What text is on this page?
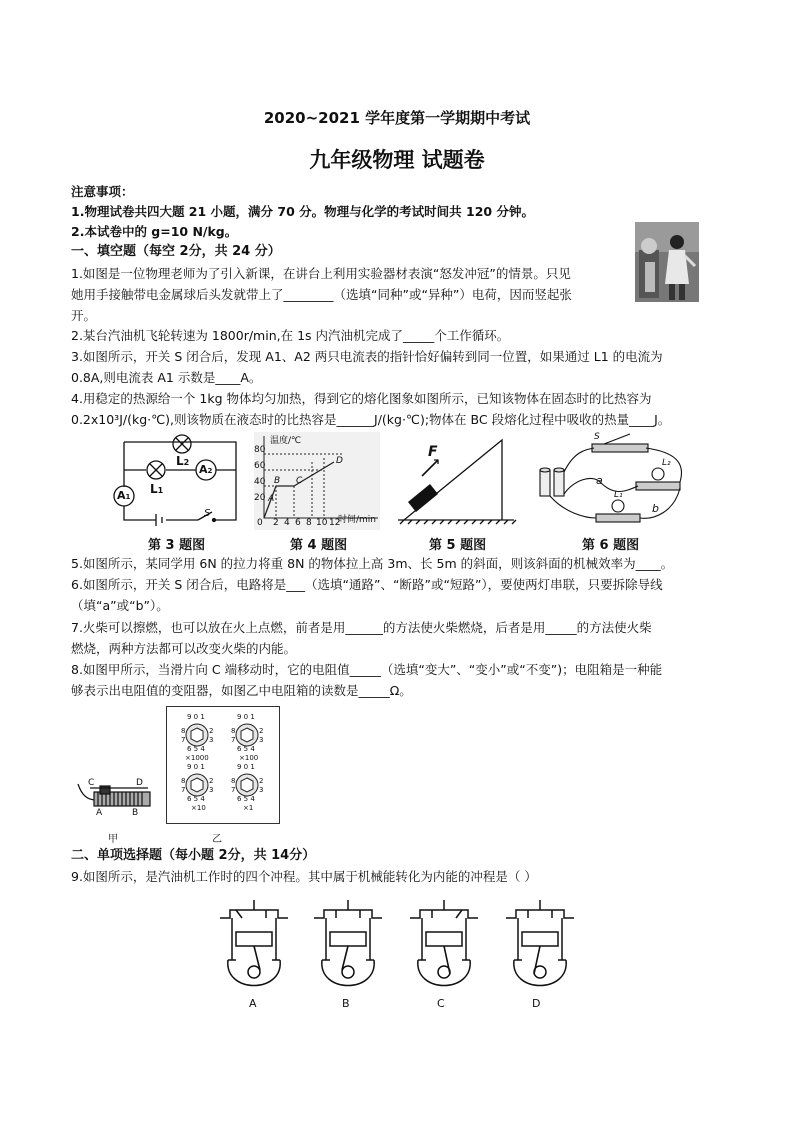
2020~2021 学年度第一学期期中考试
九年级物理 试题卷
注意事项：
1.物理试卷共四大题 21 小题，满分 70 分。物理与化学的考试时间共 120 分钟。
2.本试卷中的 g=10 N/kg。
一、填空题（每空 2分，共 24 分）
1.如图是一位物理老师为了引入新课，在讲台上利用实验器材表演“怒发冲冠”的情景。只见
她用手接触带电金属球后头发就带上了________（选填“同种”或“异种”）电荷，因而竖起张
开。
2.某台汽油机飞轮转速为 1800r/min,在 1s 内汽油机完成了_____个工作循环。
3.如图所示，开关 S 闭合后，发现 A1、A2 两只电流表的指针恰好偏转到同一位置，如果通过 L1 的电流为
0.8A,则电流表 A1 示数是____A。
4.用稳定的热源给一个 1kg 物体均匀加热，得到它的熔化图象如图所示，已知该物体在固态时的比热容为
0.2x10³J/(kg·℃),则该物质在液态时的比热容是______J/(kg·℃);物体在 BC 段熔化过程中吸收的热量____J。
L2
L1
A2
A1
S
第 3 题图
温度/℃
时间/min
80
60
40
20
0 2 4 6 8 10 12
A
B C
D
第 4 题图
F
第 5 题图
S
L₂
L₁
a
b
第 6 题图
5.如图所示，某同学用 6N 的拉力将重 8N 的物体拉上高 3m、长 5m 的斜面，则该斜面的机械效率为____。
6.如图所示，开关 S 闭合后，电路将是___（选填“通路”、“断路”或“短路”），要使两灯串联，只要拆除导线
（填“a”或“b”）。
7.火柴可以擦燃，也可以放在火上点燃，前者是用______的方法使火柴燃烧，后者是用_____的方法使火柴
燃烧，两种方法都可以改变火柴的内能。
8.如图甲所示，当滑片向 C 端移动时，它的电阻值_____（选填“变大”、“变小”或“不变”)；电阻箱是一种能
够表示出电阻值的变阻器，如图乙中电阻箱的读数是_____Ω。
C	D
A	B
甲
9 0 1
8	2
7	3
6 5 4
×1000
9 0 1
8	2
7	3
6 5 4
×100
9 0 1
8	2
7	3
6 5 4
×10
9 0 1
8	2
7	3
6 5 4
×1
乙
二、单项选择题（每小题 2分，共 14分）
9.如图所示，是汽油机工作时的四个冲程。其中属于机械能转化为内能的冲程是（ ）
A	B	C	D
